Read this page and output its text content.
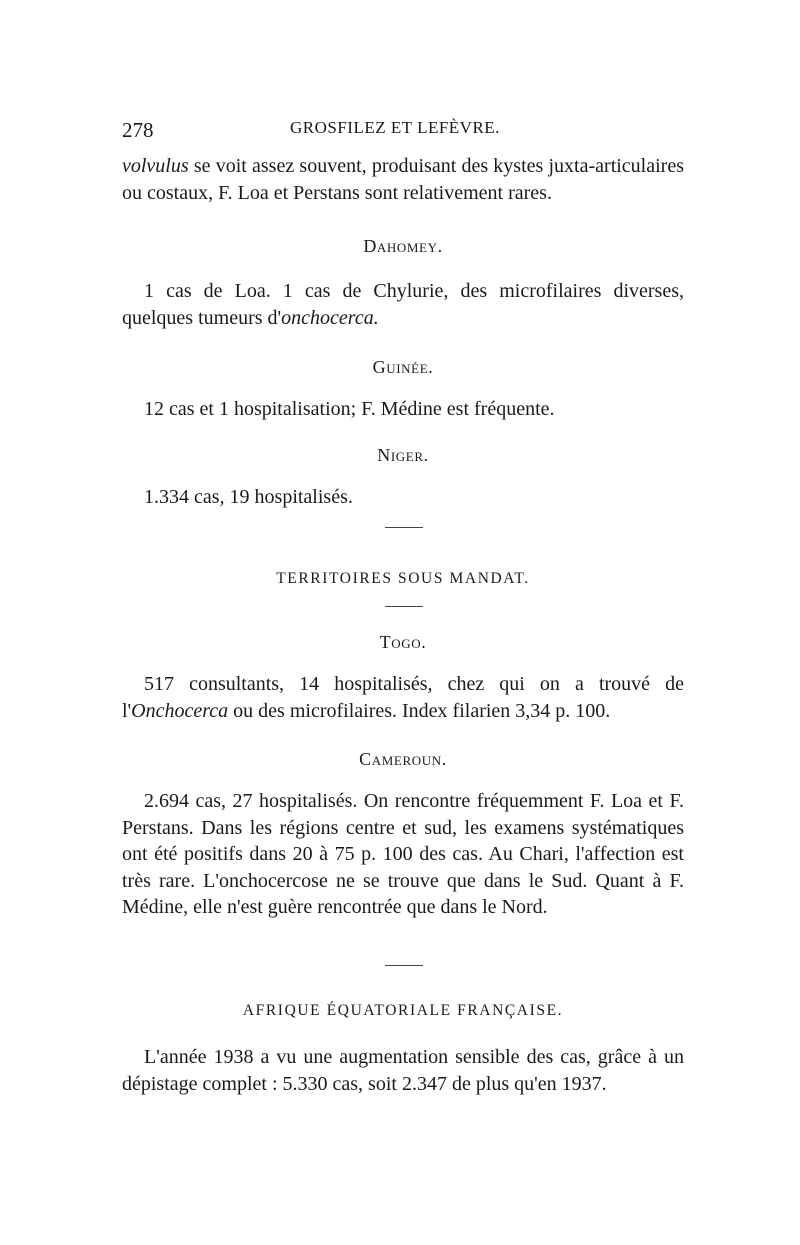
278	GROSFILEZ ET LEFÈVRE.
volvulus se voit assez souvent, produisant des kystes juxta-articulaires ou costaux, F. Loa et Perstans sont relativement rares.
Dahomey.
1 cas de Loa. 1 cas de Chylurie, des microfilaires diverses, quelques tumeurs d'onchocerca.
Guinée.
12 cas et 1 hospitalisation; F. Médine est fréquente.
Niger.
1.334 cas, 19 hospitalisés.
TERRITOIRES SOUS MANDAT.
Togo.
517 consultants, 14 hospitalisés, chez qui on a trouvé de l'Onchocerca ou des microfilaires. Index filarien 3,34 p. 100.
Cameroun.
2.694 cas, 27 hospitalisés. On rencontre fréquemment F. Loa et F. Perstans. Dans les régions centre et sud, les examens systématiques ont été positifs dans 20 à 75 p. 100 des cas. Au Chari, l'affection est très rare. L'onchocercose ne se trouve que dans le Sud. Quant à F. Médine, elle n'est guère rencontrée que dans le Nord.
AFRIQUE ÉQUATORIALE FRANÇAISE.
L'année 1938 a vu une augmentation sensible des cas, grâce à un dépistage complet : 5.330 cas, soit 2.347 de plus qu'en 1937.
